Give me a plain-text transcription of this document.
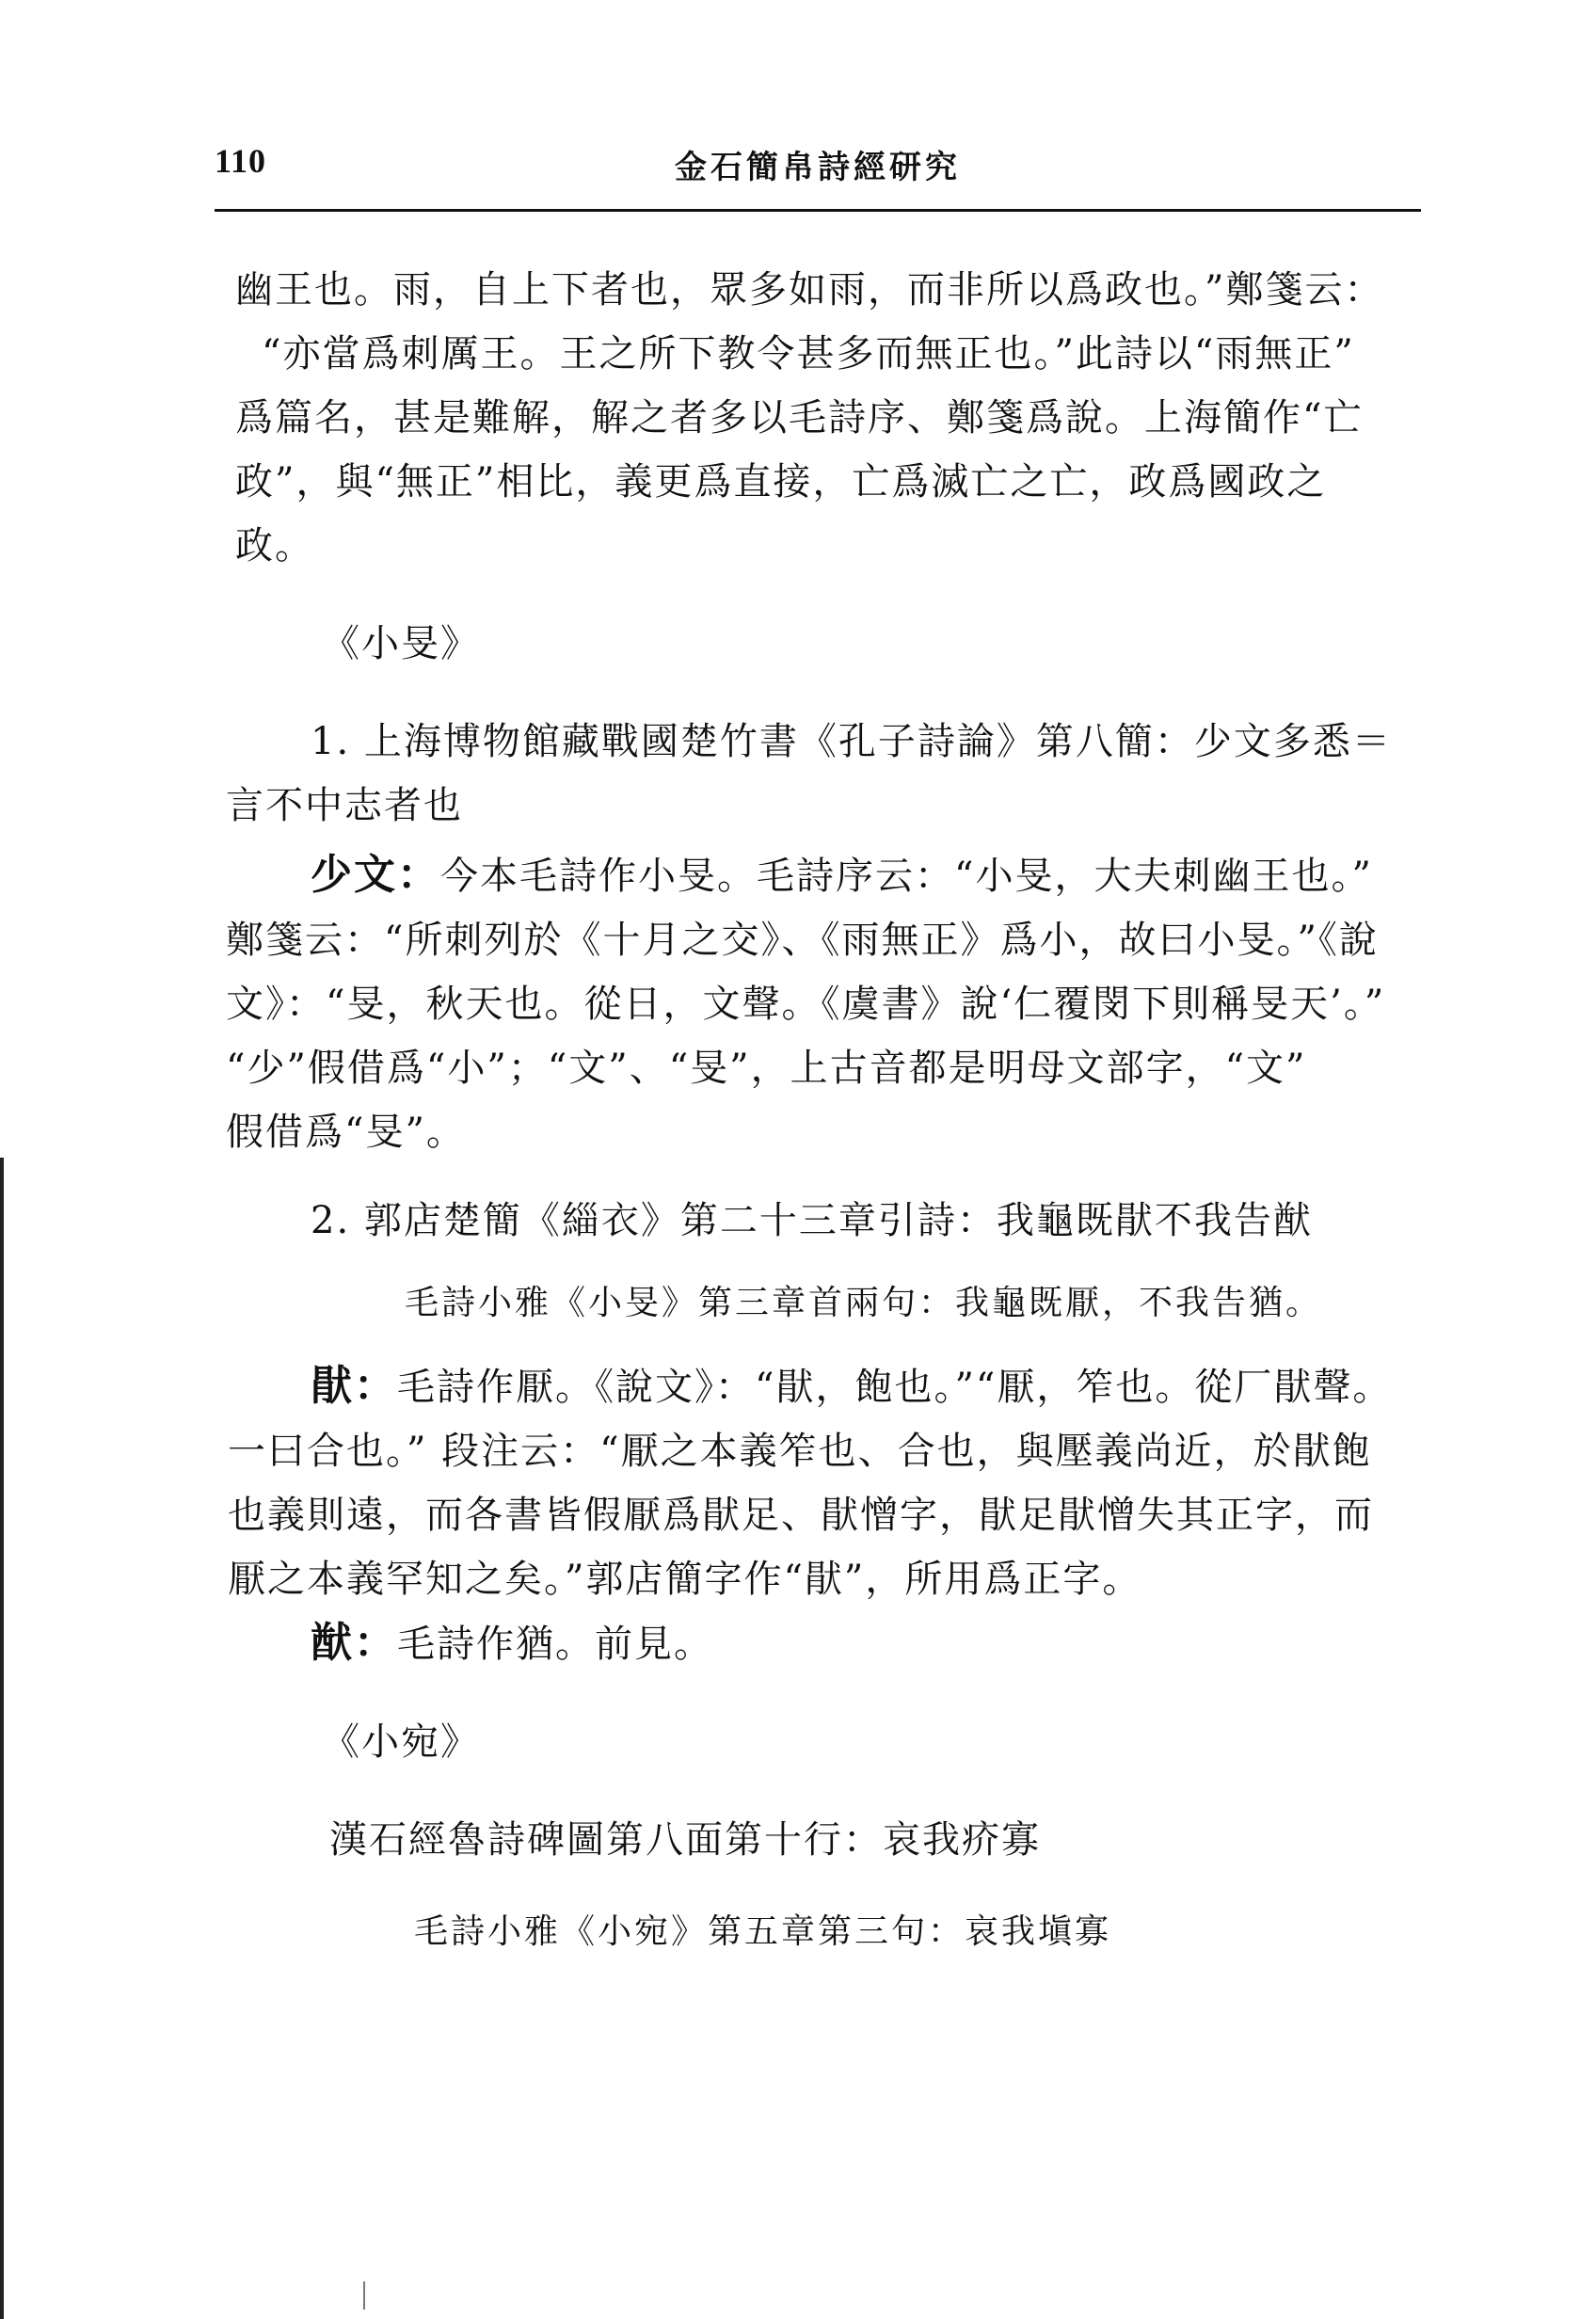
110	金石簡帛詩經研究
幽王也。雨，自上下者也，眾多如雨，而非所以爲政也。”鄭箋云：
“亦當爲刺厲王。王之所下教令甚多而無正也。”此詩以“雨無正”
爲篇名，甚是難解，解之者多以毛詩序、鄭箋爲說。上海簡作“亡
政”，與“無正”相比，義更爲直接，亡爲滅亡之亡，政爲國政之
政。
《小旻》
1. 上海博物館藏戰國楚竹書《孔子詩論》第八簡：少文多悉＝
言不中志者也
少文：今本毛詩作小旻。毛詩序云：“小旻，大夫刺幽王也。”
鄭箋云：“所刺列於《十月之交》、《雨無正》爲小，故曰小旻。”《說
文》：“旻，秋天也。從日，文聲。《虞書》說‘仁覆閔下則稱旻天’。”
“少”假借爲“小”；“文”、“旻”，上古音都是明母文部字，“文”
假借爲“旻”。
2. 郭店楚簡《緇衣》第二十三章引詩：我龜既猒不我告猷
毛詩小雅《小旻》第三章首兩句：我龜既厭，不我告猶。
猒：毛詩作厭。《說文》：“猒，飽也。”“厭，笮也。從厂猒聲。
一曰合也。” 段注云：“厭之本義笮也、合也，與壓義尚近，於猒飽
也義則遠，而各書皆假厭爲猒足、猒憎字，猒足猒憎失其正字，而
厭之本義罕知之矣。”郭店簡字作“猒”，所用爲正字。
猷：毛詩作猶。前見。
《小宛》
漢石經魯詩碑圖第八面第十行：哀我疥寡
毛詩小雅《小宛》第五章第三句：哀我塡寡
